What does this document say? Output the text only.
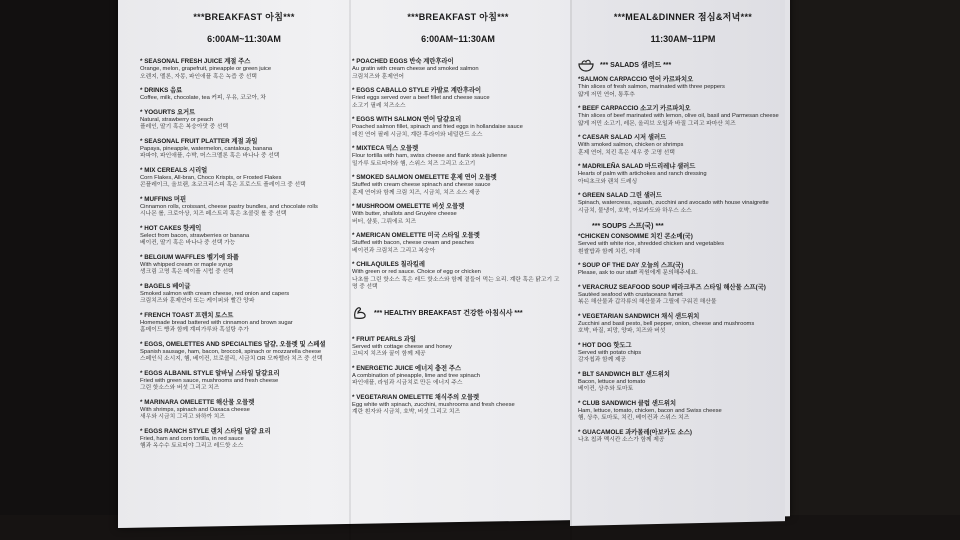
***BREAKFAST 아침***

6:00AM~11:30AM

* SEASONAL FRESH JUICE 계절 주스
Orange, melon, grapefruit, pineapple or green juice
오렌지, 멜론, 자몽, 파인애플 혹은 녹즙 중 선택
* DRINKS 음료
Coffee, milk, chocolate, tea 커피, 우유, 코코아, 차
* YOGURTS 요거트
Natural, strawberry or peach
플레인, 딸기 혹은 복숭아맛 중 선택
* SEASONAL FRUIT PLATTER 계절 과일
Papaya, pineapple, watermelon, cantaloup, banana
파파야, 파인애플, 수박, 머스크멜론 혹은 바나나 중 선택
* MIX CEREALS 시리얼
Corn Flakes, All-bran, Choco Krispis, or Frosted Flakes
콘플레이크, 올브랜, 초코크리스피 혹은 프로스트 플레이크 중 선택
* MUFFINS 머핀
Cinnamon rolls, croissant, cheese pastry bundles, and chocolate rolls
시나몬 롤, 크로아상, 치즈 페스트리 혹은 초콜릿 롤 중 선택
* HOT CAKES 핫케익
Select from bacon, strawberries or banana
베이컨, 딸기 혹은 바나나 중 선택 가능
* BELGIUM WAFFLES 벨기에 와플
With whipped cream or maple syrup
생크림 고명 혹은 메이플 시럽 중 선택
* BAGELS 베이글
Smoked salmon with cream cheese, red onion and capers
크림치즈와 훈제연어 또는 케이퍼와 빨간 양파
* FRENCH TOAST 프렌치 토스트
Homemade bread battered with cinnamon and brown sugar
홈메이드 빵과 함께 계피가루와 흑설탕 추가
* EGGS, OMELETTES AND SPECIALTIES 달걀, 오믈렛 및 스페셜
Spanish sausage, ham, bacon, broccoli, spinach or mozzarella cheese
스페인식 소시지, 햄, 베이컨, 브로콜리, 시금치 OR 모짜렐라 치즈 중 선택
* EGGS ALBANIL STYLE 알바닐 스타일 달걀요리
Fried with green sauce, mushrooms and fresh cheese
그린 핫소스와 버섯 그리고 치즈
* MARINARA OMELETTE 해산물 오믈렛
With shrimps, spinach and Oaxaca cheese
새우와 시금치 그리고 와하까 치즈
* EGGS RANCH STYLE 랜치 스타일 달걀 요리
Fried, ham and corn tortilla, in red sauce
햄과 옥수수 토르띠야 그리고 레드핫 소스

***BREAKFAST 아침***

6:00AM~11:30AM

* POACHED EGGS 반숙 계란후라이
Au gratin with cream cheese and smoked salmon
크림치즈와 훈제연어
* EGGS CABALLO STYLE 카발로 계란후라이
Fried eggs served over a beef fillet and cheese sauce
소고기 필레 치즈소스
* EGGS WITH SALMON 연어 달걀요리
Poached salmon fillet, spinach and fried eggs in hollandaise sauce
데친 연어 필레 시금치, 계란 후라이와 네덜란드 소스
* MIXTECA 믹스 오믈렛
Flour tortilla with ham, swiss cheese and flank steak julienne
밀가루 토르띠야와 햄, 스위스 치즈 그리고 소고기
* SMOKED SALMON OMELETTE 훈제 연어 오믈렛
Stuffed with cream cheese spinach and cheese sauce
훈제 연어와 함께 크림 치즈, 시금치, 치즈 소스 제공
* MUSHROOM OMELETTE 버섯 오믈렛
With butter, shallots and Gruyère cheese
버터, 샬롯, 그뤼에르 치즈
* AMERICAN OMELETTE 미국 스타일 오믈렛
Stuffed with bacon, cheese cream and peaches
베이컨과 크림치즈 그리고 복숭아
* CHILAQUILES 칠라킬레
With green or red sauce. Choice of egg or chicken
나초를 그린 핫소스 혹은 레드 핫소스와 함께 곁들어 먹는 요리. 계란 혹은 닭고기 고명 중 선택
*** HEALTHY BREAKFAST 건강한 아침식사 ***
* FRUIT PEARLS 과일
Served with cottage cheese and honey
코티지 치즈와 꿀이 함께 제공
* ENERGETIC JUICE 에너지 충전 주스
A combination of pineapple, lime and tree spinach
파인애플, 라임과 시금치로 만든 에너지 주스
* VEGETARIAN OMELETTE 채식주의 오믈렛
Egg white with spinach, zucchini, mushrooms and fresh cheese
계란 흰자와 시금치, 호박, 버섯 그리고 치즈

***MEAL&DINNER 점심&저녁***

11:30AM~11PM

*** SALADS 샐러드 ***
*SALMON CARPACCIO 연어 카르파치오
Thin slices of fresh salmon, marinated with three peppers
얇게 저민 연어, 통후추
* BEEF CARPACCIO 소고기 카르파치오
Thin slices of beef marinated with lemon, olive oil, basil and Parmesan cheese
얇게 저민 소고기, 레몬, 올리브 오일과 바질 그리고 파마산 치즈
* CAESAR SALAD 시저 샐러드
With smoked salmon, chicken or shrimps
훈제 연어, 치킨 혹은 새우 중 고명 선택
* MADRILEÑA SALAD 마드리레냐 샐러드
Hearts of palm with artichokes and ranch dressing
아티초크와 랜치 드레싱
* GREEN SALAD 그린 샐러드
Spinach, watercress, squash, zucchini and avocado with house vinaigrette
시금치, 물냉이, 호박, 아보카도와 하우스 소스
*** SOUPS 스프(국) ***
*CHICKEN CONSOMME 치킨 콘소메(국)
Served with white rice, shredded chicken and vegetables
흰쌀밥과 함께 치킨, 야채
* SOUP OF THE DAY 오늘의 스프(국)
Please, ask to our staff 직원에게 문의해주세요.
* VERACRUZ SEAFOOD SOUP 베라크루즈 스타일 해산물 스프(국)
Sautéed seafood with crustaceans fumet
볶은 해산물과 갑각류의 해산물과 그릴에 구워진 해산물
* VEGETARIAN SANDWICH 채식 샌드위치
Zucchini and basil pesto, bell pepper, onion, cheese and mushrooms
호박, 바질, 피망, 양파, 치즈와 버섯
* HOT DOG 핫도그
Served with potato chips
감자칩과 함께 제공
* BLT SANDWICH BLT 샌드위치
Bacon, lettuce and tomato
베이컨, 상추와 토마토
* CLUB SANDWICH 클럽 샌드위치
Ham, lettuce, tomato, chicken, bacon and Swiss cheese
햄, 상추, 토마토, 치킨, 베이컨과 스위스 치즈
* GUACAMOLE 과카몰레(아보카도 소스)
나초 칩과 멕시칸 소스가 함께 제공
